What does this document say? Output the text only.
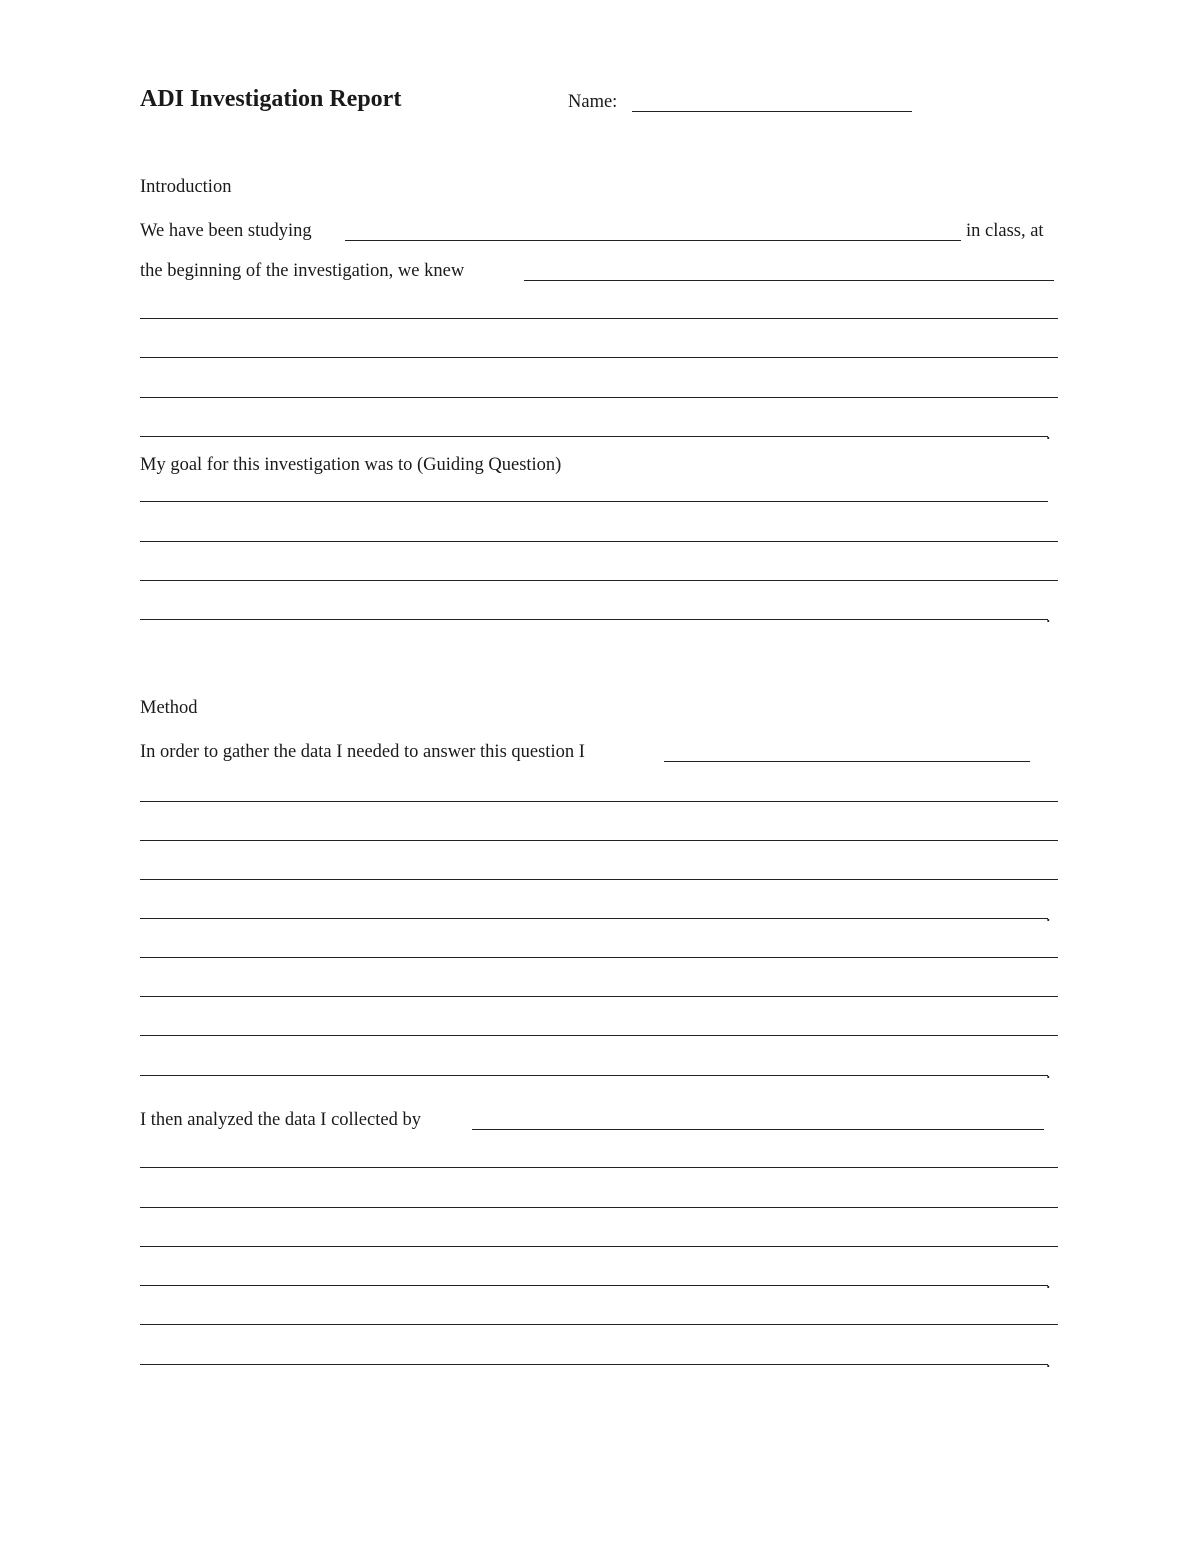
ADI Investigation Report	Name:
Introduction
We have been studying	in class, at
the beginning of the investigation, we knew
.
My goal for this investigation was to (Guiding Question)
.
Method
In order to gather the data I needed to answer this question I
.
.
I then analyzed the data I collected by
.
.
